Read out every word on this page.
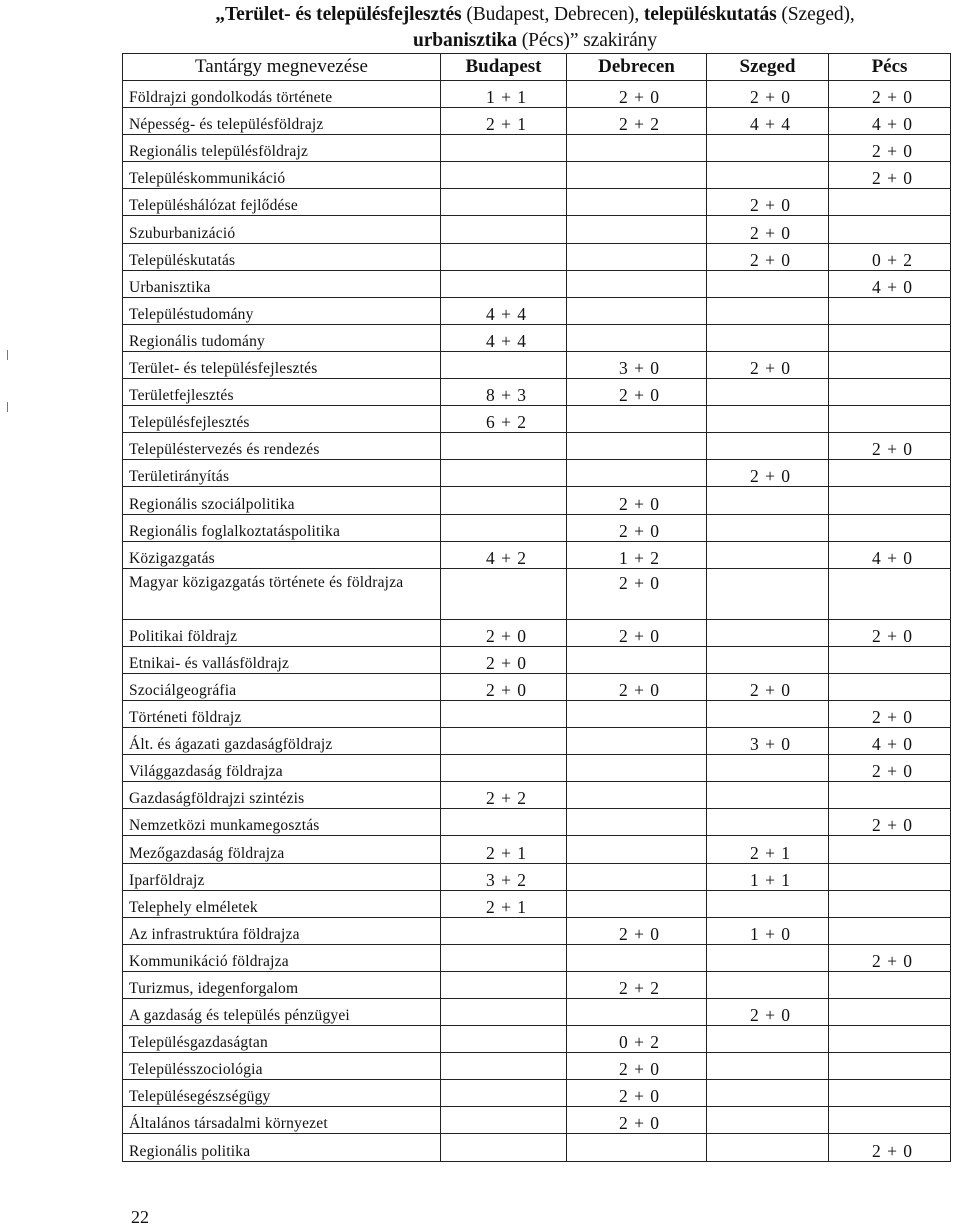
„Terület- és településfejlesztés (Budapest, Debrecen), településkutatás (Szeged),
urbanisztika (Pécs)” szakirány
Tantárgy megnevezése	Budapest	Debrecen	Szeged	Pécs
Földrajzi gondolkodás története	1 + 1	2 + 0	2 + 0	2 + 0
Népesség- és településföldrajz	2 + 1	2 + 2	4 + 4	4 + 0
Regionális településföldrajz				2 + 0
Településkommunikáció				2 + 0
Településhálózat fejlődése			2 + 0	
Szuburbanizáció			2 + 0	
Településkutatás			2 + 0	0 + 2
Urbanisztika				4 + 0
Településtudomány	4 + 4			
Regionális tudomány	4 + 4			
Terület- és településfejlesztés		3 + 0	2 + 0	
Területfejlesztés	8 + 3	2 + 0		
Településfejlesztés	6 + 2			
Településtervezés és rendezés				2 + 0
Területirányítás			2 + 0	
Regionális szociálpolitika		2 + 0		
Regionális foglalkoztatáspolitika		2 + 0		
Közigazgatás	4 + 2	1 + 2		4 + 0
Magyar közigazgatás története és földrajza		2 + 0		
Politikai földrajz	2 + 0	2 + 0		2 + 0
Etnikai- és vallásföldrajz	2 + 0			
Szociálgeográfia	2 + 0	2 + 0	2 + 0	
Történeti földrajz				2 + 0
Ált. és ágazati gazdaságföldrajz			3 + 0	4 + 0
Világgazdaság földrajza				2 + 0
Gazdaságföldrajzi szintézis	2 + 2			
Nemzetközi munkamegosztás				2 + 0
Mezőgazdaság földrajza	2 + 1		2 + 1	
Iparföldrajz	3 + 2		1 + 1	
Telephely elméletek	2 + 1			
Az infrastruktúra földrajza		2 + 0	1 + 0	
Kommunikáció földrajza				2 + 0
Turizmus, idegenforgalom		2 + 2		
A gazdaság és település pénzügyei			2 + 0	
Településgazdaságtan		0 + 2		
Településszociológia		2 + 0		
Településegészségügy		2 + 0		
Általános társadalmi környezet		2 + 0		
Regionális politika				2 + 0
22
